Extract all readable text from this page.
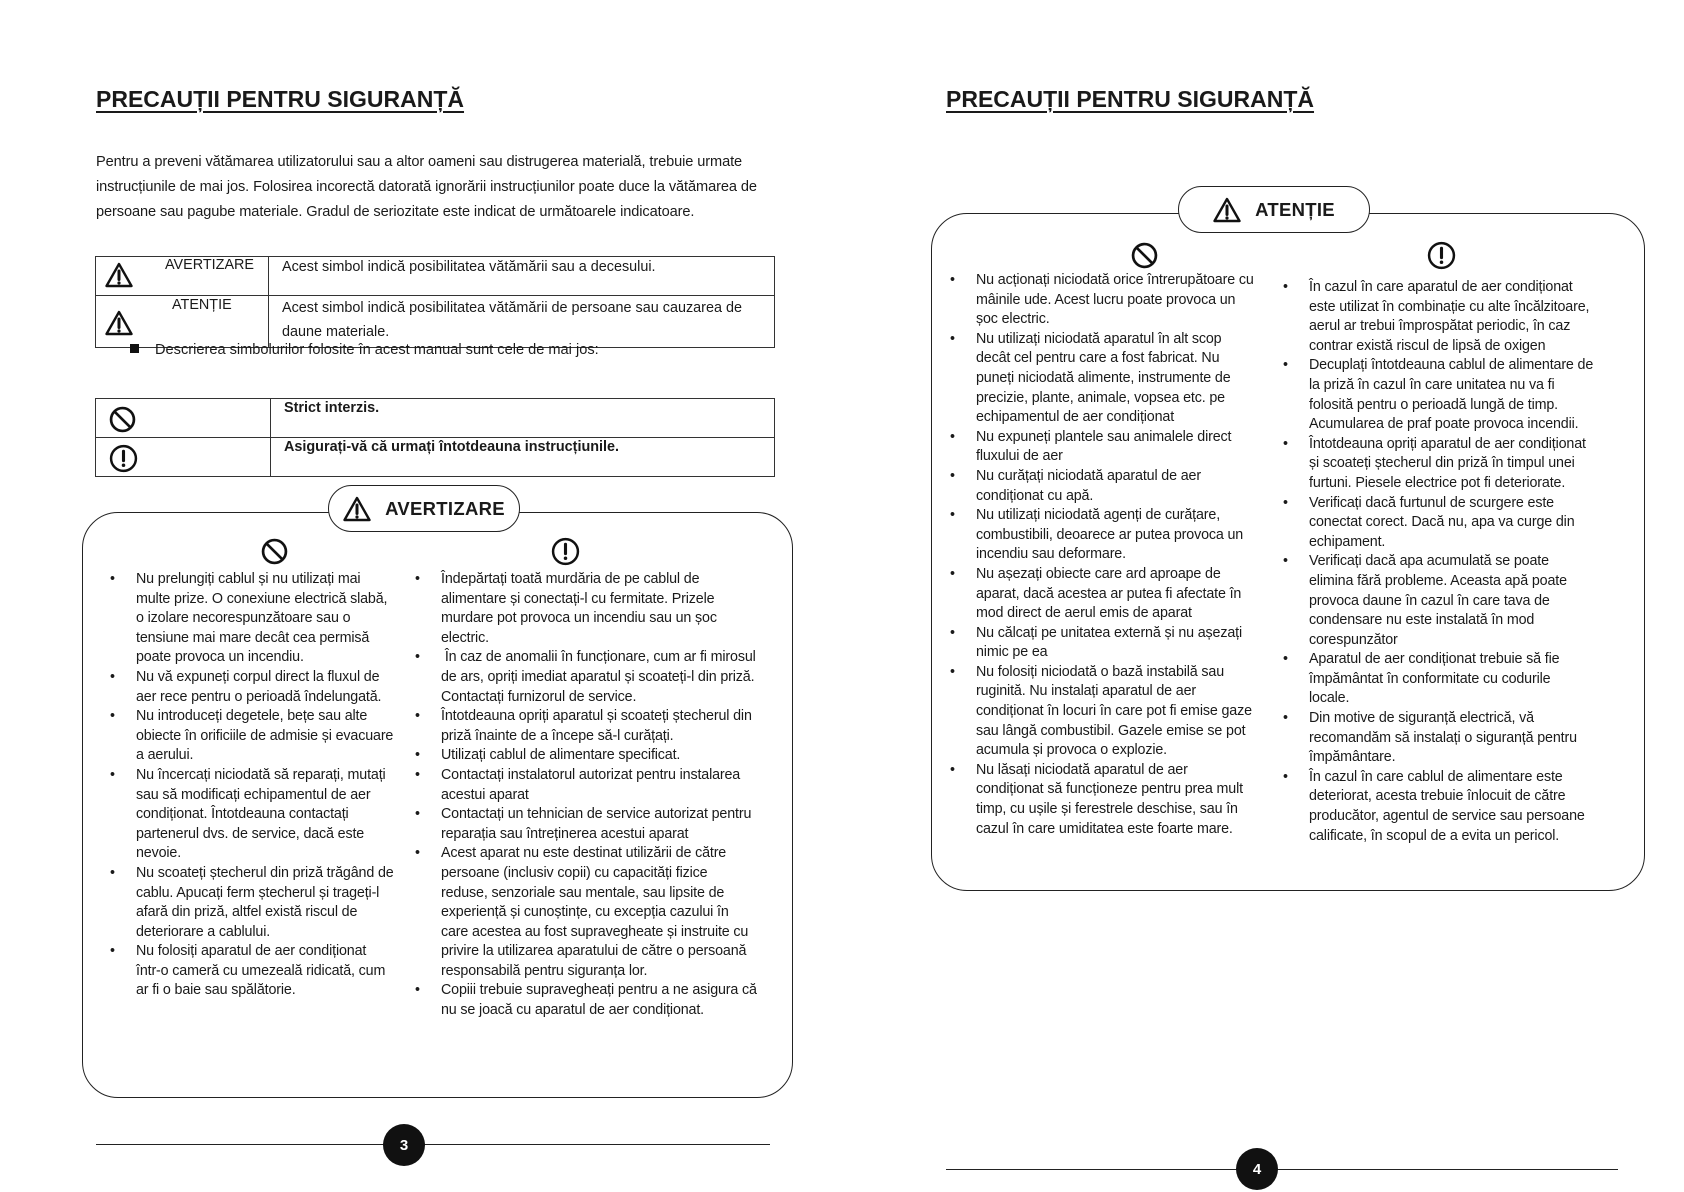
PRECAUȚII PENTRU SIGURANȚĂ
Pentru a preveni vătămarea utilizatorului sau a altor oameni sau distrugerea materială, trebuie urmate
instrucțiunile de mai jos. Folosirea incorectă datorată ignorării instrucțiunilor poate duce la vătămarea de
persoane sau pagube materiale. Gradul de seriozitate este indicat de următoarele indicatoare.
AVERTIZARE	Acest simbol indică posibilitatea vătămării sau a decesului.

ATENȚIE	Acest simbol indică posibilitatea vătămării de persoane sau cauzarea de
daune materiale.
Descrierea simbolurilor folosite în acest manual sunt cele de mai jos:

Strict interzis.

Asigurați-vă că urmați întotdeauna instrucțiunile.
AVERTIZARE
• Nu prelungiți cablul și nu utilizați mai
multe prize. O conexiune electrică slabă,
o izolare necorespunzătoare sau o
tensiune mai mare decât cea permisă
poate provoca un incendiu.
• Nu vă expuneți corpul direct la fluxul de
aer rece pentru o perioadă îndelungată.
• Nu introduceți degetele, bețe sau alte
obiecte în orificiile de admisie și evacuare
a aerului.
• Nu încercați niciodată să reparați, mutați
sau să modificați echipamentul de aer
condiționat. Întotdeauna contactați
partenerul dvs. de service, dacă este
nevoie.
• Nu scoateți ștecherul din priză trăgând de
cablu. Apucați ferm ștecherul și trageți-l
afară din priză, altfel există riscul de
deteriorare a cablului.
• Nu folosiți aparatul de aer condiționat
într-o cameră cu umezeală ridicată, cum
ar fi o baie sau spălătorie.
• Îndepărtați toată murdăria de pe cablul de
alimentare și conectați-l cu fermitate. Prizele
murdare pot provoca un incendiu sau un șoc
electric.
•  În caz de anomalii în funcționare, cum ar fi mirosul
de ars, opriți imediat aparatul și scoateți-l din priză.
Contactați furnizorul de service.
• Întotdeauna opriți aparatul și scoateți ștecherul din
priză înainte de a începe să-l curățați.
• Utilizați cablul de alimentare specificat.
• Contactați instalatorul autorizat pentru instalarea
acestui aparat
• Contactați un tehnician de service autorizat pentru
reparația sau întreținerea acestui aparat
• Acest aparat nu este destinat utilizării de către
persoane (inclusiv copii) cu capacități fizice
reduse, senzoriale sau mentale, sau lipsite de
experiență și cunoștințe, cu excepția cazului în
care acestea au fost supravegheate și instruite cu
privire la utilizarea aparatului de către o persoană
responsabilă pentru siguranța lor.
• Copiii trebuie supravegheați pentru a ne asigura că
nu se joacă cu aparatul de aer condiționat.
3
PRECAUȚII PENTRU SIGURANȚĂ
ATENȚIE
• Nu acționați niciodată orice întrerupătoare cu
mâinile ude. Acest lucru poate provoca un
șoc electric.
• Nu utilizați niciodată aparatul în alt scop
decât cel pentru care a fost fabricat. Nu
puneți niciodată alimente, instrumente de
precizie, plante, animale, vopsea etc. pe
echipamentul de aer condiționat
• Nu expuneți plantele sau animalele direct
fluxului de aer
• Nu curățați niciodată aparatul de aer
condiționat cu apă.
• Nu utilizați niciodată agenți de curățare,
combustibili, deoarece ar putea provoca un
incendiu sau deformare.
• Nu așezați obiecte care ard aproape de
aparat, dacă acestea ar putea fi afectate în
mod direct de aerul emis de aparat
• Nu călcați pe unitatea externă și nu așezați
nimic pe ea
• Nu folosiți niciodată o bază instabilă sau
ruginită. Nu instalați aparatul de aer
condiționat în locuri în care pot fi emise gaze
sau lângă combustibil. Gazele emise se pot
acumula și provoca o explozie.
• Nu lăsați niciodată aparatul de aer
condiționat să funcționeze pentru prea mult
timp, cu ușile și ferestrele deschise, sau în
cazul în care umiditatea este foarte mare.
• În cazul în care aparatul de aer condiționat
este utilizat în combinație cu alte încălzitoare,
aerul ar trebui împrospătat periodic, în caz
contrar există riscul de lipsă de oxigen
• Decuplați întotdeauna cablul de alimentare de
la priză în cazul în care unitatea nu va fi
folosită pentru o perioadă lungă de timp.
Acumularea de praf poate provoca incendii.
• Întotdeauna opriți aparatul de aer condiționat
și scoateți ștecherul din priză în timpul unei
furtuni. Piesele electrice pot fi deteriorate.
• Verificați dacă furtunul de scurgere este
conectat corect. Dacă nu, apa va curge din
echipament.
• Verificați dacă apa acumulată se poate
elimina fără probleme. Aceasta apă poate
provoca daune în cazul în care tava de
condensare nu este instalată în mod
corespunzător
• Aparatul de aer condiționat trebuie să fie
împământat în conformitate cu codurile
locale.
• Din motive de siguranță electrică, vă
recomandăm să instalați o siguranță pentru
împământare.
• În cazul în care cablul de alimentare este
deteriorat, acesta trebuie înlocuit de către
producător, agentul de service sau persoane
calificate, în scopul de a evita un pericol.
4
